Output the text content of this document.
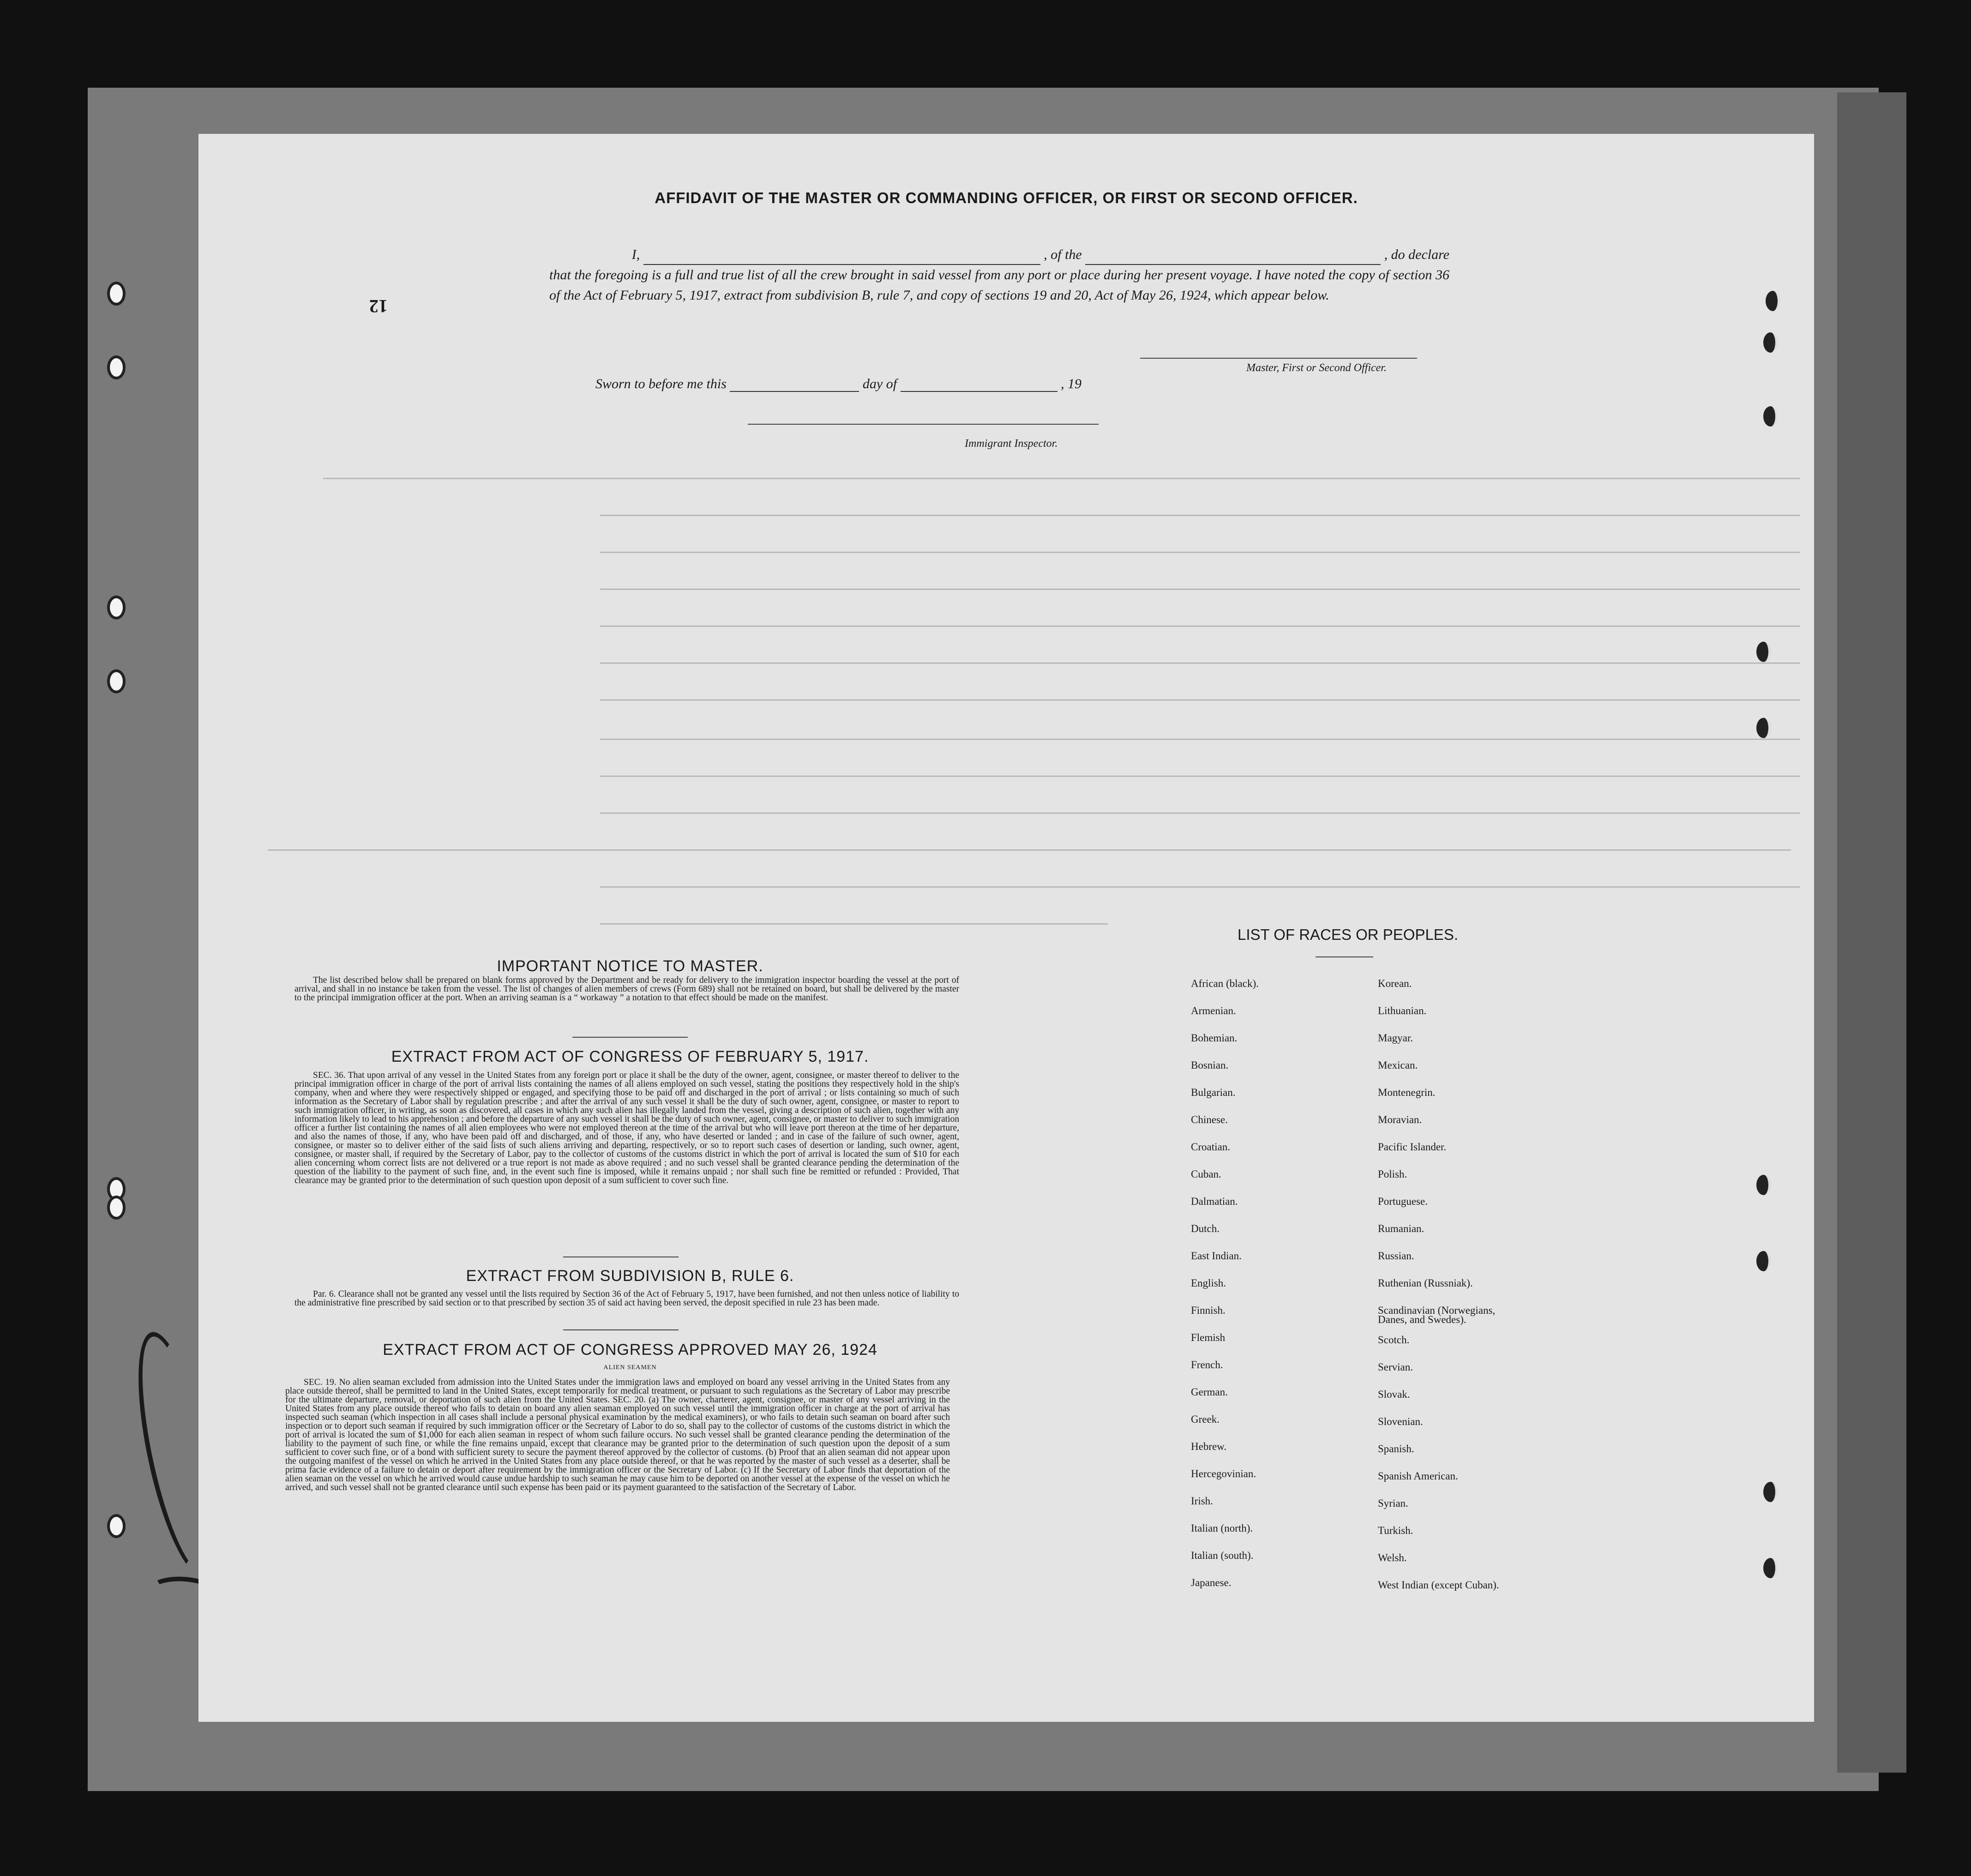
12
AFFIDAVIT OF THE MASTER OR COMMANDING OFFICER, OR FIRST OR SECOND OFFICER.
I,	, of the	, do declare
that the foregoing is a full and true list of all the crew brought in said vessel from any port or place during her present voyage. I have noted the copy of section 36 of the Act of February 5, 1917, extract from subdivision B, rule 7, and copy of sections 19 and 20, Act of May 26, 1924, which appear below.
Master, First or Second Officer.
Sworn to before me this	day of	, 19
Immigrant Inspector.
IMPORTANT NOTICE TO MASTER.
The list described below shall be prepared on blank forms approved by the Department and be ready for delivery to the immigration inspector boarding the vessel at the port of arrival, and shall in no instance be taken from the vessel. The list of changes of alien members of crews (Form 689) shall not be retained on board, but shall be delivered by the master to the principal immigration officer at the port. When an arriving seaman is a “ workaway ” a notation to that effect should be made on the manifest.
EXTRACT FROM ACT OF CONGRESS OF FEBRUARY 5, 1917.
SEC. 36. That upon arrival of any vessel in the United States from any foreign port or place it shall be the duty of the owner, agent, consignee, or master thereof to deliver to the principal immigration officer in charge of the port of arrival lists containing the names of all aliens employed on such vessel, stating the positions they respectively hold in the ship's company, when and where they were respectively shipped or engaged, and specifying those to be paid off and discharged in the port of arrival ; or lists containing so much of such information as the Secretary of Labor shall by regulation prescribe ; and after the arrival of any such vessel it shall be the duty of such owner, agent, consignee, or master to report to such immigration officer, in writing, as soon as discovered, all cases in which any such alien has illegally landed from the vessel, giving a description of such alien, together with any information likely to lead to his apprehension ; and before the departure of any such vessel it shall be the duty of such owner, agent, consignee, or master to deliver to such immigration officer a further list containing the names of all alien employees who were not employed thereon at the time of the arrival but who will leave port thereon at the time of her departure, and also the names of those, if any, who have been paid off and discharged, and of those, if any, who have deserted or landed ; and in case of the failure of such owner, agent, consignee, or master so to deliver either of the said lists of such aliens arriving and departing, respectively, or so to report such cases of desertion or landing, such owner, agent, consignee, or master shall, if required by the Secretary of Labor, pay to the collector of customs of the customs district in which the port of arrival is located the sum of $10 for each alien concerning whom correct lists are not delivered or a true report is not made as above required ; and no such vessel shall be granted clearance pending the determination of the question of the liability to the payment of such fine, and, in the event such fine is imposed, while it remains unpaid ; nor shall such fine be remitted or refunded : Provided, That clearance may be granted prior to the determination of such question upon deposit of a sum sufficient to cover such fine.
EXTRACT FROM SUBDIVISION B, RULE 6.
Par. 6. Clearance shall not be granted any vessel until the lists required by Section 36 of the Act of February 5, 1917, have been furnished, and not then unless notice of liability to the administrative fine prescribed by said section or to that prescribed by section 35 of said act having been served, the deposit specified in rule 23 has been made.
EXTRACT FROM ACT OF CONGRESS APPROVED MAY 26, 1924
ALIEN SEAMEN
SEC. 19. No alien seaman excluded from admission into the United States under the immigration laws and employed on board any vessel arriving in the United States from any place outside thereof, shall be permitted to land in the United States, except temporarily for medical treatment, or pursuant to such regulations as the Secretary of Labor may prescribe for the ultimate departure, removal, or deportation of such alien from the United States. SEC. 20. (a) The owner, charterer, agent, consignee, or master of any vessel arriving in the United States from any place outside thereof who fails to detain on board any alien seaman employed on such vessel until the immigration officer in charge at the port of arrival has inspected such seaman (which inspection in all cases shall include a personal physical examination by the medical examiners), or who fails to detain such seaman on board after such inspection or to deport such seaman if required by such immigration officer or the Secretary of Labor to do so, shall pay to the collector of customs of the customs district in which the port of arrival is located the sum of $1,000 for each alien seaman in respect of whom such failure occurs. No such vessel shall be granted clearance pending the determination of the liability to the payment of such fine, or while the fine remains unpaid, except that clearance may be granted prior to the determination of such question upon the deposit of a sum sufficient to cover such fine, or of a bond with sufficient surety to secure the payment thereof approved by the collector of customs. (b) Proof that an alien seaman did not appear upon the outgoing manifest of the vessel on which he arrived in the United States from any place outside thereof, or that he was reported by the master of such vessel as a deserter, shall be prima facie evidence of a failure to detain or deport after requirement by the immigration officer or the Secretary of Labor. (c) If the Secretary of Labor finds that deportation of the alien seaman on the vessel on which he arrived would cause undue hardship to such seaman he may cause him to be deported on another vessel at the expense of the vessel on which he arrived, and such vessel shall not be granted clearance until such expense has been paid or its payment guaranteed to the satisfaction of the Secretary of Labor.
LIST OF RACES OR PEOPLES.
African (black).
Armenian.
Bohemian.
Bosnian.
Bulgarian.
Chinese.
Croatian.
Cuban.
Dalmatian.
Dutch.
East Indian.
English.
Finnish.
Flemish
French.
German.
Greek.
Hebrew.
Hercegovinian.
Irish.
Italian (north).
Italian (south).
Japanese.
Korean.
Lithuanian.
Magyar.
Mexican.
Montenegrin.
Moravian.
Pacific Islander.
Polish.
Portuguese.
Rumanian.
Russian.
Ruthenian (Russniak).
Scandinavian (Norwegians,
Scotch.
Servian.
Slovak.
Slovenian.
Spanish.
Spanish American.
Syrian.
Turkish.
Welsh.
West Indian (except Cuban).
Danes, and Swedes).
